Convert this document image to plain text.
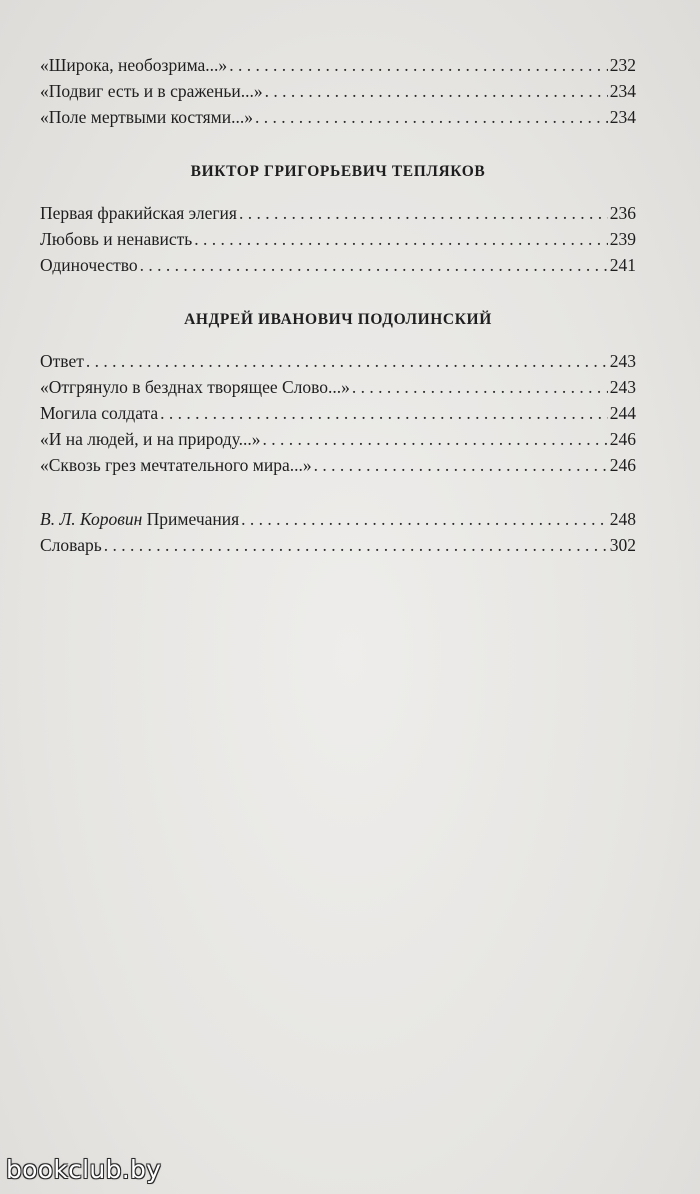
«Широка, необозрима...» . . .	232
«Подвиг есть и в сраженьи...» . . .	234
«Поле мертвыми костями...» . . .	234
ВИКТОР ГРИГОРЬЕВИЧ ТЕПЛЯКОВ
Первая фракийская элегия . . .	236
Любовь и ненависть . . .	239
Одиночество . . .	241
АНДРЕЙ ИВАНОВИЧ ПОДОЛИНСКИЙ
Ответ . . .	243
«Отгрянуло в безднах творящее Слово...» . . .	243
Могила солдата . . .	244
«И на людей, и на природу...» . . .	246
«Сквозь грез мечтательного мира...» . . .	246
В. Л. Коровин Примечания . . .	248
Словарь . . .	302
bookclub.by
